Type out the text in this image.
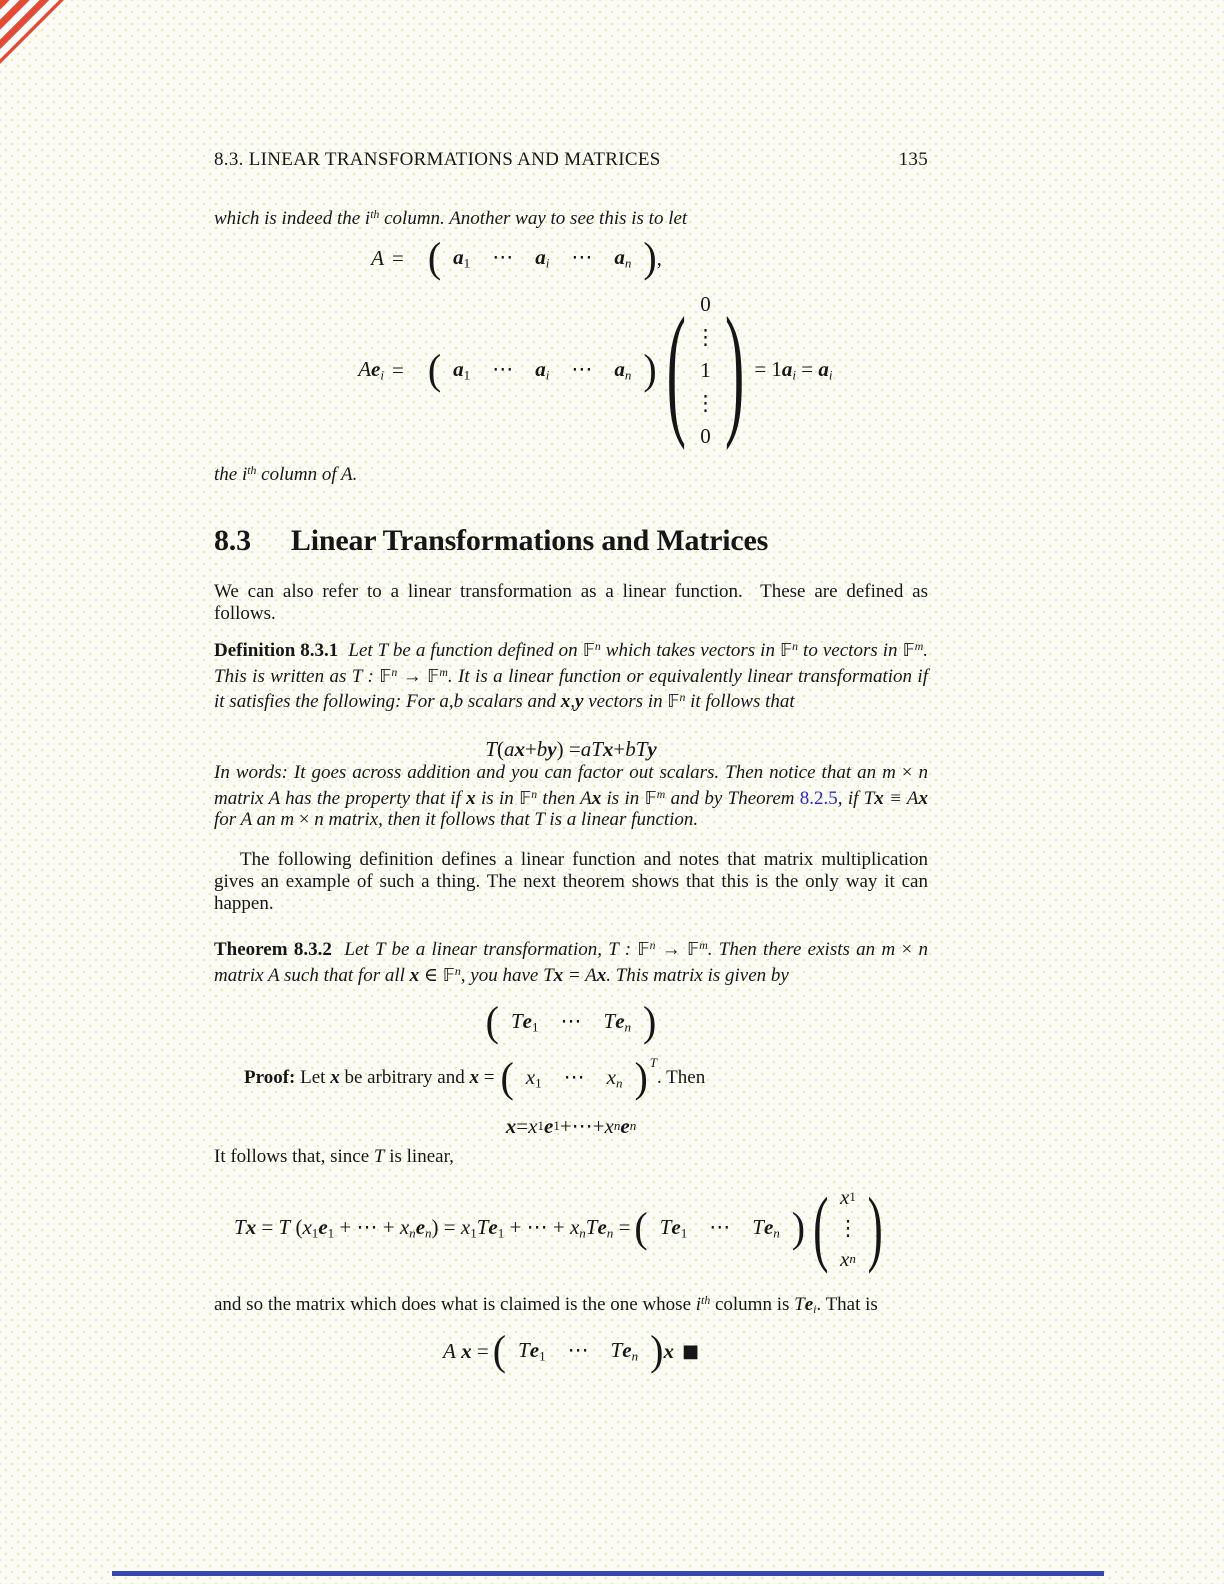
8.3. LINEAR TRANSFORMATIONS AND MATRICES	135

which is indeed the $i^{th}$ column. Another way to see this is to let

A = ( $a_1$ ⋯ ai ⋯ an ) ,
Aei = ( $a_1$ ⋯ ai ⋯ an ) ( 0
⋮
1
⋮
0 ) = 1ai = ai

the $i^{th}$ column of A.

8.3 Linear Transformations and Matrices

We can also refer to a linear transformation as a linear function.  These are defined as follows.

Definition 8.3.1  Let T be a function defined on 𝔽$^n$ which takes vectors in 𝔽$^n$ to vectors in 𝔽$^m$. This is written as T : 𝔽$^n$ → 𝔽$^m$. It is a linear function or equivalently linear transformation if it satisfies the following: For a,b scalars and x,y vectors in 𝔽$^n$ it follows that

T ( a x + b y ) = a T x + b T y

In words: It goes across addition and you can factor out scalars. Then notice that an m × n matrix A has the property that if x is in 𝔽$^n$ then Ax is in 𝔽$^m$ and by Theorem 8.2.5, if Tx ≡ Ax for A an m × n matrix, then it follows that T is a linear function.

The following definition defines a linear function and notes that matrix multiplication gives an example of such a thing. The next theorem shows that this is the only way it can happen.

Theorem 8.3.2  Let T be a linear transformation, T : 𝔽$^n$ → 𝔽$^m$. Then there exists an m × n matrix A such that for all x ∈ 𝔽$^n$, you have Tx = Ax. This matrix is given by

( $Te_1$ ⋯ Ten )
Proof: Let x be arbitrary and x = ( $x_1$ ⋯ xn ) T
. Then
x = x 1 e 1 + ⋯ + x n e n

It follows that, since T is linear,

Tx = T ($x_1e_1$ + ⋯ + xnen) = $x_1Te_1$ + ⋯ + xnTen = ( $Te_1$ ⋯ Ten ) ( x 1
⋮
x n )

and so the matrix which does what is claimed is the one whose $i^{th}$ column is Tei. That is

A x = ( $Te_1$ ⋯ Ten ) x ■
